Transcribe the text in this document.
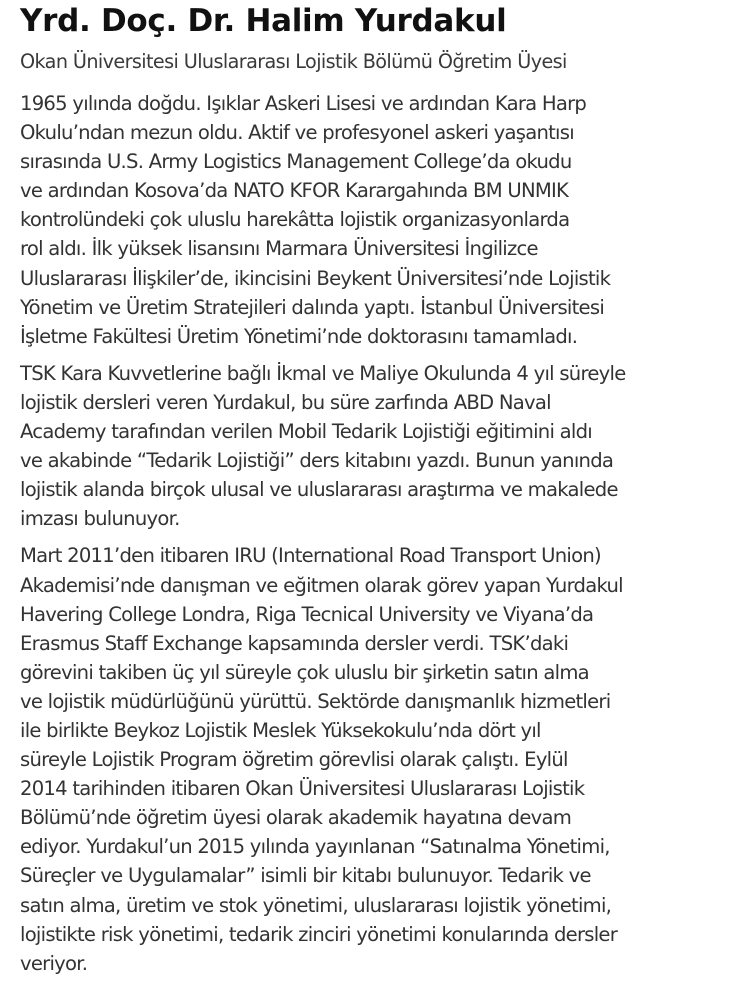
Yrd. Doç. Dr. Halim Yurdakul
Okan Üniversitesi Uluslararası Lojistik Bölümü Öğretim Üyesi

1965 yılında doğdu. Işıklar Askeri Lisesi ve ardından Kara Harp
Okulu’ndan mezun oldu. Aktif ve profesyonel askeri yaşantısı
sırasında U.S. Army Logistics Management College’da okudu
ve ardından Kosova’da NATO KFOR Karargahında BM UNMIK
kontrolündeki çok uluslu harekâtta lojistik organizasyonlarda
rol aldı. İlk yüksek lisansını Marmara Üniversitesi İngilizce
Uluslararası İlişkiler’de, ikincisini Beykent Üniversitesi’nde Lojistik
Yönetim ve Üretim Stratejileri dalında yaptı. İstanbul Üniversitesi
İşletme Fakültesi Üretim Yönetimi’nde doktorasını tamamladı.

TSK Kara Kuvvetlerine bağlı İkmal ve Maliye Okulunda 4 yıl süreyle
lojistik dersleri veren Yurdakul, bu süre zarfında ABD Naval
Academy tarafından verilen Mobil Tedarik Lojistiği eğitimini aldı
ve akabinde “Tedarik Lojistiği” ders kitabını yazdı. Bunun yanında
lojistik alanda birçok ulusal ve uluslararası araştırma ve makalede
imzası bulunuyor.

Mart 2011’den itibaren IRU (International Road Transport Union)
Akademisi’nde danışman ve eğitmen olarak görev yapan Yurdakul
Havering College Londra, Riga Tecnical University ve Viyana’da
Erasmus Staff Exchange kapsamında dersler verdi. TSK’daki
görevini takiben üç yıl süreyle çok uluslu bir şirketin satın alma
ve lojistik müdürlüğünü yürüttü. Sektörde danışmanlık hizmetleri
ile birlikte Beykoz Lojistik Meslek Yüksekokulu’nda dört yıl
süreyle Lojistik Program öğretim görevlisi olarak çalıştı. Eylül
2014 tarihinden itibaren Okan Üniversitesi Uluslararası Lojistik
Bölümü’nde öğretim üyesi olarak akademik hayatına devam
ediyor. Yurdakul’un 2015 yılında yayınlanan “Satınalma Yönetimi,
Süreçler ve Uygulamalar” isimli bir kitabı bulunuyor. Tedarik ve
satın alma, üretim ve stok yönetimi, uluslararası lojistik yönetimi,
lojistikte risk yönetimi, tedarik zinciri yönetimi konularında dersler
veriyor.
